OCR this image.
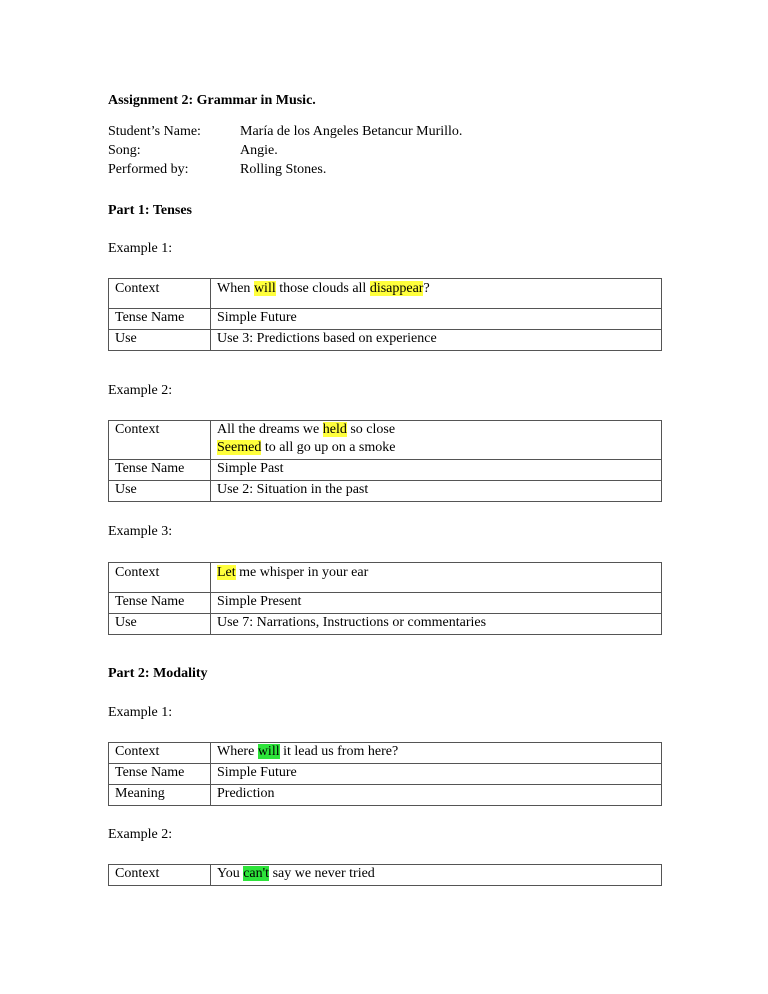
Assignment 2: Grammar in Music.
Student’s Name:	María de los Angeles Betancur Murillo.
Song:	Angie.
Performed by:	Rolling Stones.
Part 1: Tenses
Example 1:
Context	When will those clouds all disappear?
Tense Name	Simple Future
Use	Use 3: Predictions based on experience
Example 2:
Context	All the dreams we held so close
Seemed to all go up on a smoke

Tense Name	Simple Past
Use	Use 2: Situation in the past
Example 3:
Context	Let me whisper in your ear
Tense Name	Simple Present
Use	Use 7: Narrations, Instructions or commentaries
Part 2: Modality
Example 1:
Context	Where will it lead us from here?
Tense Name	Simple Future
Meaning	Prediction
Example 2:
Context	You can't say we never tried
